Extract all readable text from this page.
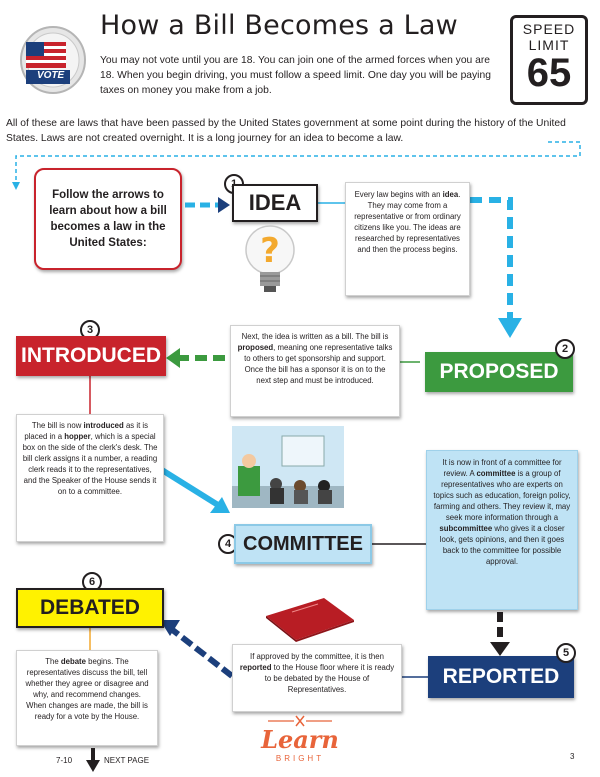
VOTE
How a Bill Becomes a Law

You may not vote until you are 18. You can join one of the armed forces when you are 18. When you begin driving, you must follow a speed limit. One day you will be paying taxes on money you make from a job.

SPEED
LIMIT
65

All of these are laws that have been passed by the United States government at some point during the history of the United States. Laws are not created overnight. It is a long journey for an idea to become a law.

Follow the arrows to learn about how a bill becomes a law in the United States:
IDEA
?
Every law begins with an idea. They may come from a representative or from ordinary citizens like you. The ideas are researched by representatives and then the process begins.
Next, the idea is written as a bill. The bill is proposed, meaning one representative talks to others to get sponsorship and support. Once the bill has a sponsor it is on to the next step and must be introduced.	PROPOSED
2
3
INTRODUCED
The bill is now introduced as it is placed in a hopper, which is a special box on the side of the clerk's desk. The bill clerk assigns it a number, a reading clerk reads it to the representatives, and the Speaker of the House sends it on to a committee.
4 COMMITTEE
It is now in front of a committee for review. A committee is a group of representatives who are experts on topics such as education, foreign policy, farming and others. They review it, may seek more information through a subcommittee who gives it a closer look, gets opinions, and then it goes back to the committee for possible approval.
If approved by the committee, it is then reported to the House floor where it is ready to be debated by the House of Representatives.
REPORTED
5
6
DEBATED
The debate begins. The representatives discuss the bill, tell whether they agree or disagree and why, and recommend changes. When changes are made, the bill is ready for a vote by the House.
7-10	NEXT PAGE
Learn
BRIGHT	3
